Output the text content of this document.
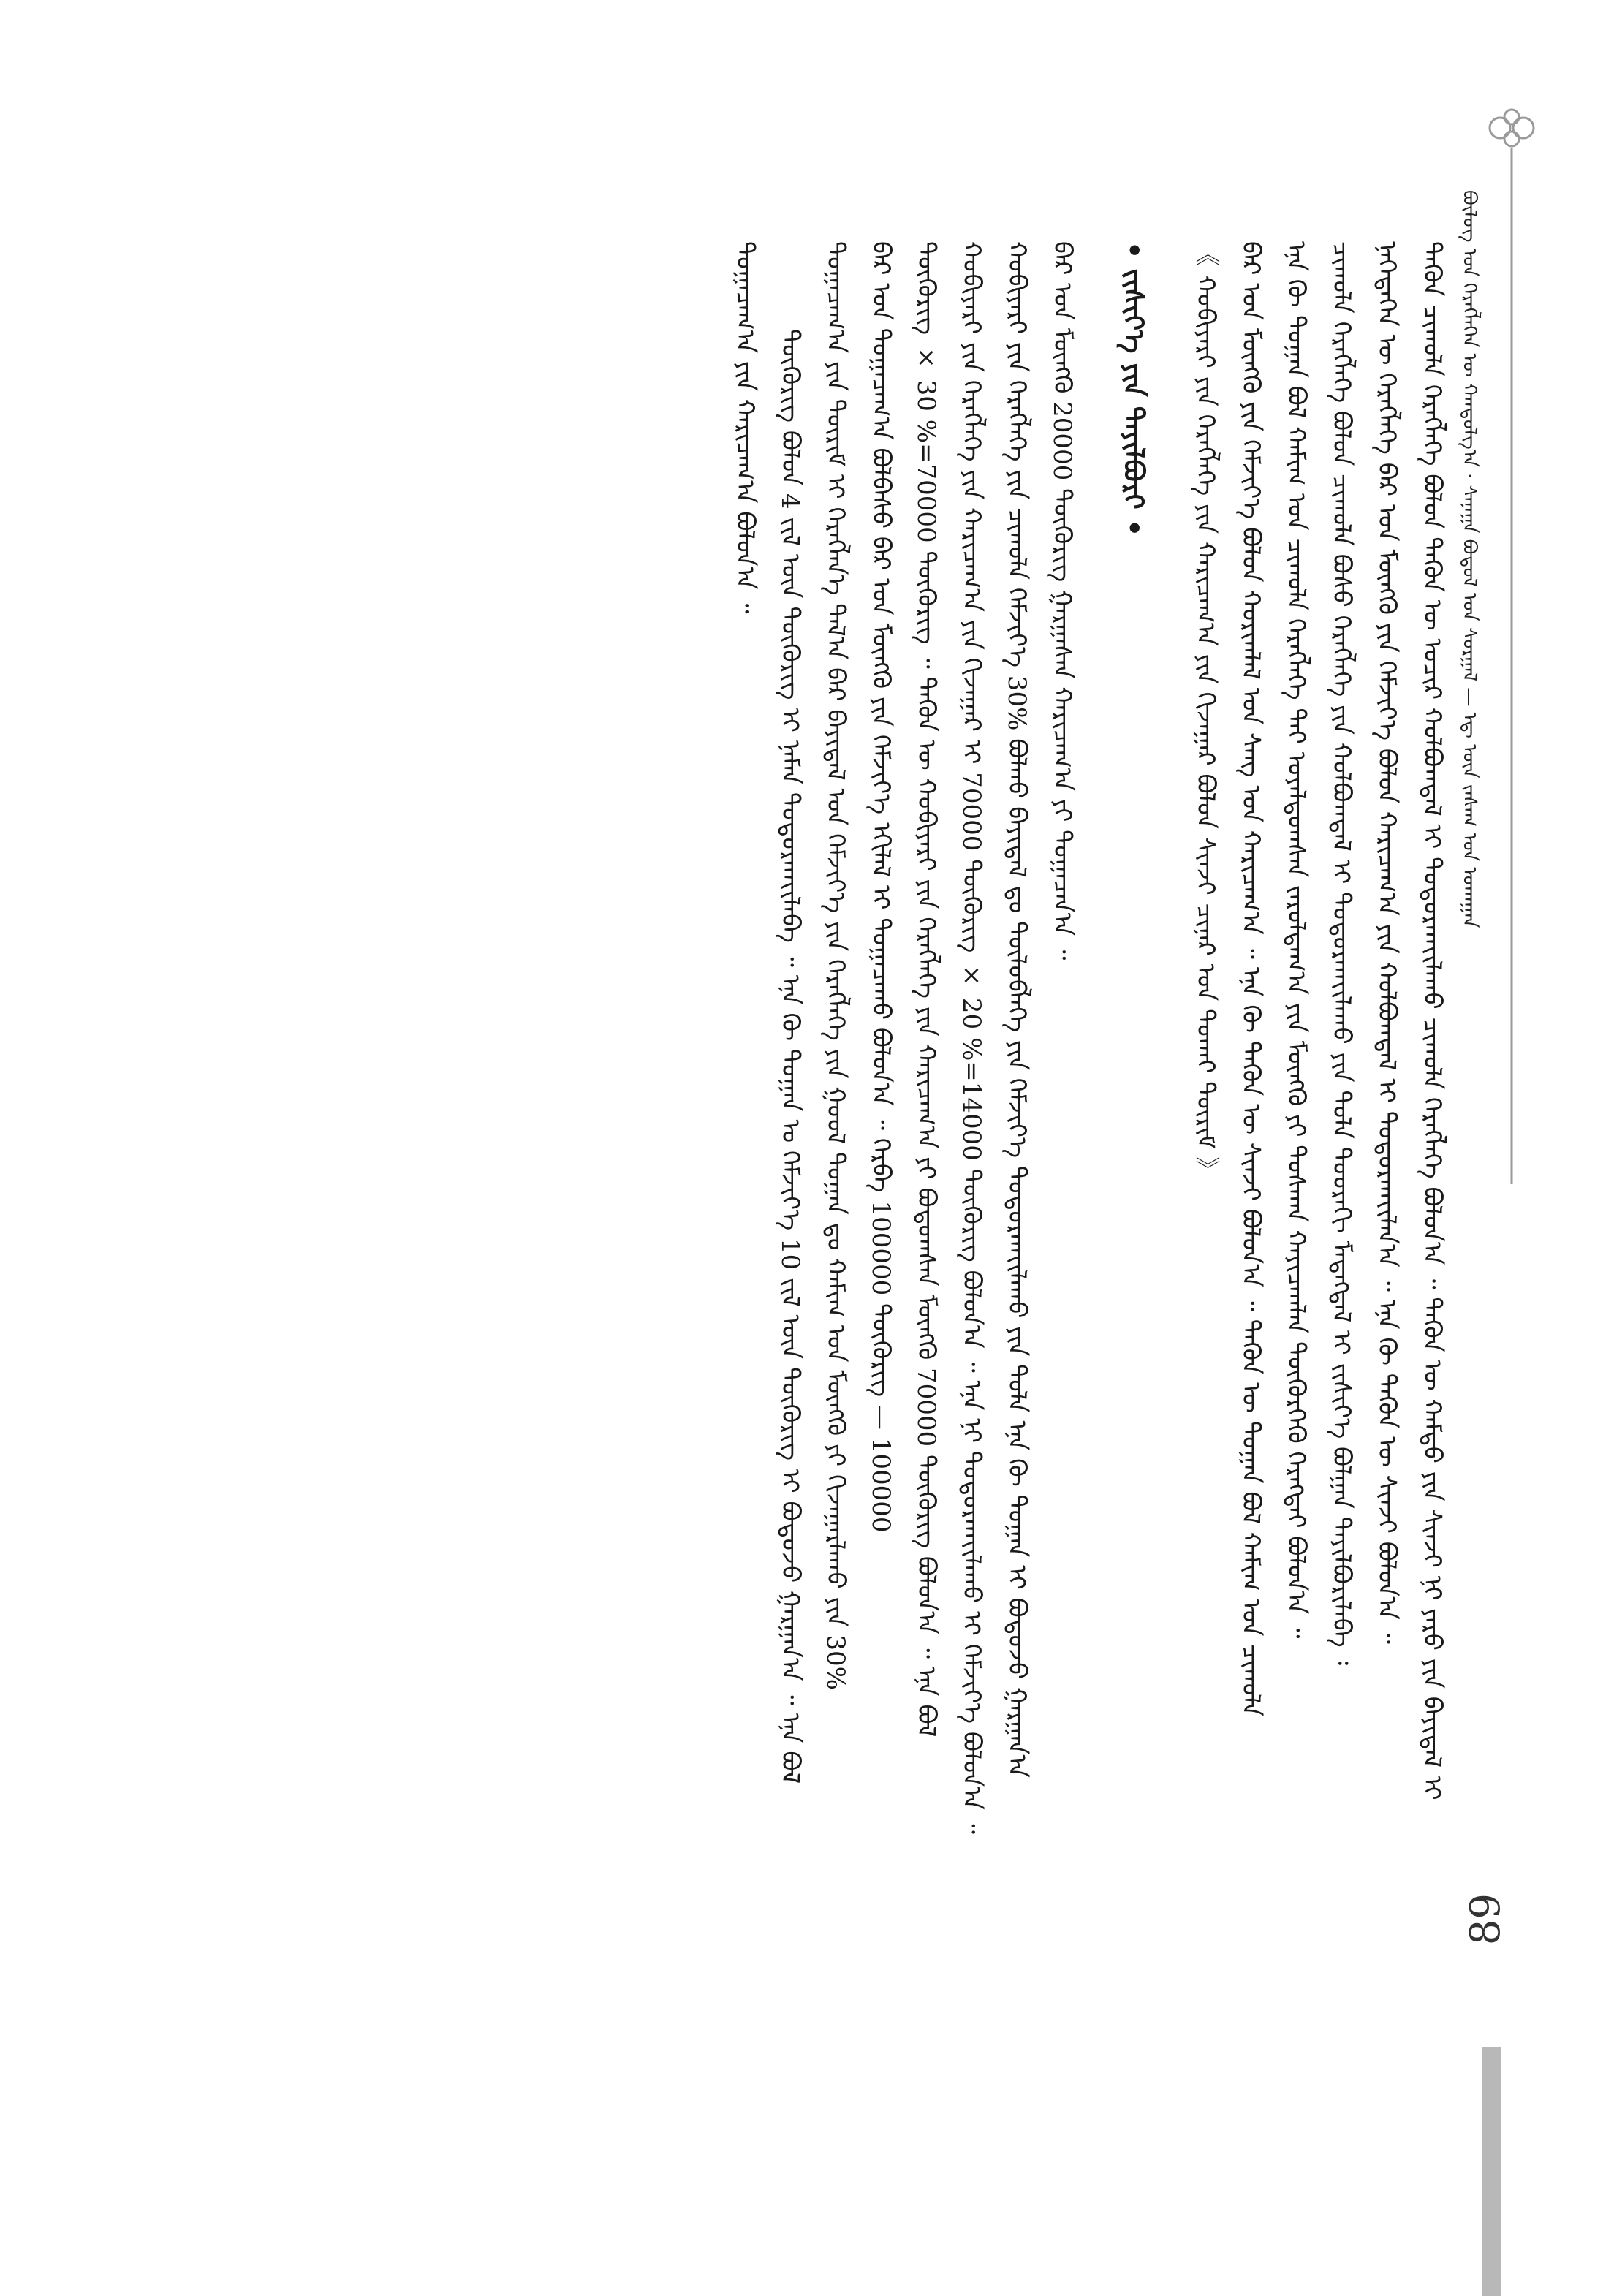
ᠪᠦᠯᠦᠭ ᠤᠨ ᠬᠡᠷᠡᠭᠯᠡᠭᠡᠨ ᠦ ᠬᠠᠨᠳᠤᠯᠭ᠎ᠠ · ᠰᠠᠨᠠᠭᠠ ᠪᠣᠳᠤᠯ ᠤᠨ ᠰᠤᠷᠭᠠᠯ — ᠡᠳ᠋ ᠦᠨ ᠵᠠᠰᠠᠭ ᠤᠨ ᠤᠬᠠᠭᠠᠨ
ᠲᠡᠭᠦᠨ ᠴᠢᠬᠤᠯᠠ ᠬᠡᠷᠡᠭᠯᠡᠭᠡ ᠪᠣᠯᠤᠨ ᠲᠡᠭᠦᠨ ᠦ ᠤᠴᠢᠷ ᠬᠣᠯᠪᠣᠭᠳᠠᠯ ᠢ ᠲᠣᠳᠣᠷᠬᠠᠶ᠋ᠢᠯᠠᠬᠤ ᠴᠢᠬᠤᠯᠠ ᠬᠡᠷᠡᠭᠯᠡᠭᠡ ᠪᠣᠯᠤᠨ᠎ᠠ ᠃ ᠲᠡᠭᠦᠨ ᠦ ᠬᠠᠮᠲᠤ ᠶᠢᠨ ᠰᠢᠨᠵᠢ ᠨᠢ ᠶᠡᠷᠦ ᠶᠢᠨ ᠪᠠᠶᠢᠳᠠᠯ ᠢ
ᠨᠡᠭᠡᠳᠡᠭᠡᠨ ᠦ ᠬᠡᠷᠡᠭᠯᠡᠭᠡ ᠪᠠᠷ ᠤᠨ ᠮᠥᠩᠭᠦ ᠶᠢᠨ ᠬᠡᠮᠵᠢᠶ᠎ᠡ ᠪᠣᠯᠤᠨ ᠬᠠᠷᠢᠴᠠᠭ᠎ᠠ ᠶᠢᠨ ᠬᠣᠯᠪᠣᠭᠳᠠᠯ ᠢ ᠲᠣᠳᠣᠷᠬᠠᠶ᠋ᠢᠯᠠᠨ᠎ᠠ ᠃ ᠡᠨᠡ ᠬᠦ ᠲᠡᠭᠦᠨ ᠦ ᠰᠢᠨᠵᠢ ᠪᠣᠯᠤᠨ᠎ᠠ ᠃
ᠴᠢᠬᠤᠯᠠ ᠬᠡᠷᠡᠭᠯᠡᠭᠡ ᠪᠣᠯᠤᠨ ᠴᠢᠬᠤᠯᠠ ᠪᠤᠰᠤ ᠬᠡᠷᠡᠭᠯᠡᠭᠡ ᠶᠢᠨ ᠬᠣᠯᠪᠣᠭᠳᠠᠯ ᠢ ᠲᠣᠳᠣᠷᠬᠠᠶ᠋ᠢᠯᠠᠬᠤ ᠶᠢᠨ ᠲᠤᠯᠠ ᠳᠣᠣᠷᠠᠬᠢ ᠮᠡᠳᠡᠭᠳᠡᠯ ᠢ ᠵᠢᠱᠢᠶ᠎ᠡ ᠪᠣᠯᠭᠠᠨ ᠲᠠᠶᠢᠯᠪᠤᠷᠢᠯᠠᠪᠠ ᠄
ᠡᠨᠡ ᠬᠦ ᠲᠣᠭᠠᠨ ᠪᠣᠯ ᠬᠠᠮᠢᠭ ᠤᠨ ᠴᠢᠬᠤᠯᠠ ᠬᠡᠷᠡᠭᠯᠡᠭᠡ ᠲᠠᠢ ᠤᠶᠠᠯᠳᠤᠭᠰᠠᠨ ᠵᠠᠷᠤᠯᠳᠠᠭ᠎ᠠ ᠶᠢᠨ ᠮᠥᠩᠭᠦ ᠶᠢ ᠲᠤᠰᠬᠠᠨ ᠬᠠᠶᠢᠴᠠᠭᠯᠠᠨ ᠳᠥᠭᠦᠷᠭᠡᠬᠦ ᠬᠡᠷᠡᠭᠲᠡᠢ ᠪᠣᠯᠤᠨ᠎ᠠ ᠃
ᠪᠠᠷ ᠤᠨ ᠮᠥᠩᠭᠦ ᠶᠢᠨ ᠬᠡᠮᠵᠢᠶ᠎ᠡ ᠪᠣᠯᠤᠨ ᠬᠣᠷᠢᠭᠯᠠᠯ ᠤᠨ ᠰᠠᠩ ᠤᠨ ᠬᠠᠷᠢᠴᠠᠭ᠎ᠠ ᠃ ᠡᠨᠡ ᠬᠦ ᠲᠡᠭᠦᠨ ᠦ ᠰᠢᠨᠵᠢ ᠪᠣᠯᠤᠨ᠎ᠠ ᠃ ᠲᠡᠭᠦᠨ ᠦ ᠲᠣᠭᠠᠨ ᠪᠣᠯ ᠬᠠᠮᠢᠭ ᠤᠨ ᠴᠢᠬᠤᠯᠠ
《 ᠬᠤᠪᠢᠶᠠᠷᠢ ᠶᠢᠨ ᠬᠡᠷᠡᠭᠯᠡᠭᠡ ᠶᠢᠨ ᠬᠠᠷᠢᠴᠠᠭ᠎ᠠ ᠶᠢᠨ ᠬᠢᠵᠠᠭᠠᠷ ᠪᠣᠯᠤᠨ ᠰᠢᠨᠵᠢ ᠴᠢᠨᠠᠷ ᠤᠨ ᠲᠤᠬᠠᠢ ᠳᠦᠷᠢᠮ 》
• ᠵᠢᠱᠢᠶ᠎ᠡ ᠶᠢᠨ ᠲᠠᠶᠢᠯᠪᠤᠷᠢ •
ᠪᠠᠷ ᠤᠨ ᠮᠥᠩᠭᠦ 20000 ᠲᠥᠭᠦᠷᠢᠭ ᠭᠠᠷᠭᠠᠰᠠᠨ ᠬᠠᠷᠢᠴᠠᠭ᠎ᠠ ᠶᠢ ᠲᠣᠭᠠᠴᠠᠨ᠎ᠠ ᠃
ᠬᠤᠪᠢᠶᠠᠷᠢ ᠶᠢᠨ ᠬᠡᠷᠡᠭᠯᠡᠭᠡ ᠶᠢᠨ ᠴᠢᠬᠤᠯᠠ ᠬᠡᠮᠵᠢᠶ᠎ᠡ 30% ᠪᠣᠯᠬᠤ ᠪᠠᠶᠢᠳᠠᠯ ᠳᠤ ᠲᠥᠯᠦᠪᠯᠡᠭᠡ ᠶᠢᠨ ᠬᠡᠮᠵᠢᠶ᠎ᠡ ᠲᠣᠳᠣᠷᠬᠠᠶ᠋ᠢᠯᠠᠬᠤ ᠶᠢᠨ ᠲᠤᠯᠠ ᠡᠨᠡ ᠬᠦ ᠲᠣᠭᠠᠨ ᠢ ᠪᠣᠳᠤᠵᠤ ᠭᠠᠷᠭᠠᠨ᠎ᠠ
ᠬᠤᠪᠢᠶᠠᠷᠢ ᠶᠢᠨ ᠬᠡᠷᠡᠭᠯᠡᠭᠡ ᠶᠢᠨ ᠬᠠᠷᠢᠴᠠᠭ᠎ᠠ ᠶᠢᠨ ᠬᠢᠵᠠᠭᠠᠷ ᠢ 70000 ᠲᠥᠭᠦᠷᠢᠭ × 20 %=14000 ᠲᠥᠭᠦᠷᠢᠭ ᠪᠣᠯᠤᠨ᠎ᠠ ᠃ ᠡᠨᠡ ᠨᠢ ᠲᠣᠳᠣᠷᠬᠠᠶ᠋ᠢᠯᠠᠬᠤ ᠢ ᠬᠡᠮᠵᠢᠶ᠎ᠡ ᠪᠣᠯᠤᠨ᠎ᠠ ᠃
ᠲᠥᠭᠦᠷᠢᠭ × 30 %=70000 ᠲᠥᠭᠦᠷᠢᠭ ᠃ ᠲᠡᠭᠦᠨ ᠦ ᠬᠤᠪᠢᠶᠠᠷᠢ ᠶᠢᠨ ᠬᠡᠷᠡᠭᠯᠡᠭᠡ ᠶᠢᠨ ᠬᠠᠷᠢᠴᠠᠭ᠎ᠠ ᠶᠢ ᠪᠣᠳᠤᠭᠰᠠᠨ ᠮᠥᠩᠭᠦ 70000 ᠲᠥᠭᠦᠷᠢᠭ ᠪᠣᠯᠤᠨ᠎ᠠ ᠃ ᠡᠨᠡ ᠪᠣᠯ
ᠪᠠᠷ ᠤᠨ ᠲᠣᠭᠠᠴᠠᠭ᠎ᠠ ᠪᠣᠯᠪᠠᠰᠤ ᠪᠠᠷ ᠤᠨ ᠮᠥᠩᠭᠦ ᠶᠢᠨ ᠬᠡᠮᠵᠢᠶ᠎ᠡ ᠡᠬᠢᠯᠡᠯ ᠢ ᠲᠣᠭᠠᠴᠠᠬᠤ ᠪᠣᠯᠤᠨ᠎ᠠ ᠃ ᠬᠡᠷᠪᠡ 100000 ᠲᠥᠭᠦᠷᠢᠭ — 100000
ᠲᠣᠭᠠᠴᠠᠭ᠎ᠠ ᠶᠢᠨ ᠳᠦᠷᠢᠮ ᠢ ᠬᠡᠷᠡᠭᠯᠡᠨ᠎ᠡ ᠲᠠᠯ᠎ᠠ ᠪᠠᠷ ᠪᠠᠶᠢᠳᠠᠯ ᠤᠨ ᠬᠡᠮᠵᠢᠶ᠎ᠡ ᠶᠢᠨ ᠬᠡᠷᠡᠭᠯᠡᠭᠡ ᠶᠢᠨ ᠭᠣᠣᠯ ᠲᠣᠭᠠᠨ ᠳᠤ ᠬᠠᠮᠢᠭ ᠤᠨ ᠮᠥᠩᠭᠦ ᠶᠢ ᠬᠢᠵᠠᠭᠠᠷᠯᠠᠬᠤ ᠶᠢᠨ 30%
ᠲᠥᠭᠦᠷᠢᠭ ᠪᠣᠯᠤᠨ 4 ᠵᠢᠯ ᠦᠨ ᠲᠥᠭᠦᠷᠢᠭ ᠢ ᠨᠡᠮᠡᠨ ᠲᠣᠳᠣᠷᠬᠠᠶ᠋ᠢᠯᠠᠪᠠ ᠃ ᠡᠨᠡ ᠬᠦ ᠲᠣᠭᠠᠨ ᠤ ᠬᠡᠮᠵᠢᠶ᠎ᠡ 10 ᠵᠢᠯ ᠦᠨ ᠲᠥᠭᠦᠷᠢᠭ ᠢ ᠪᠣᠳᠤᠵᠤ ᠭᠠᠷᠭᠠᠨ᠎ᠠ ᠃ ᠡᠨᠡ ᠪᠣᠯ
ᠲᠣᠭᠠᠴᠠᠭ᠎ᠠ ᠶᠢᠨ ᠬᠠᠷᠢᠴᠠᠭ᠎ᠠ ᠪᠣᠯᠤᠨ᠎ᠠ ᠃
89
